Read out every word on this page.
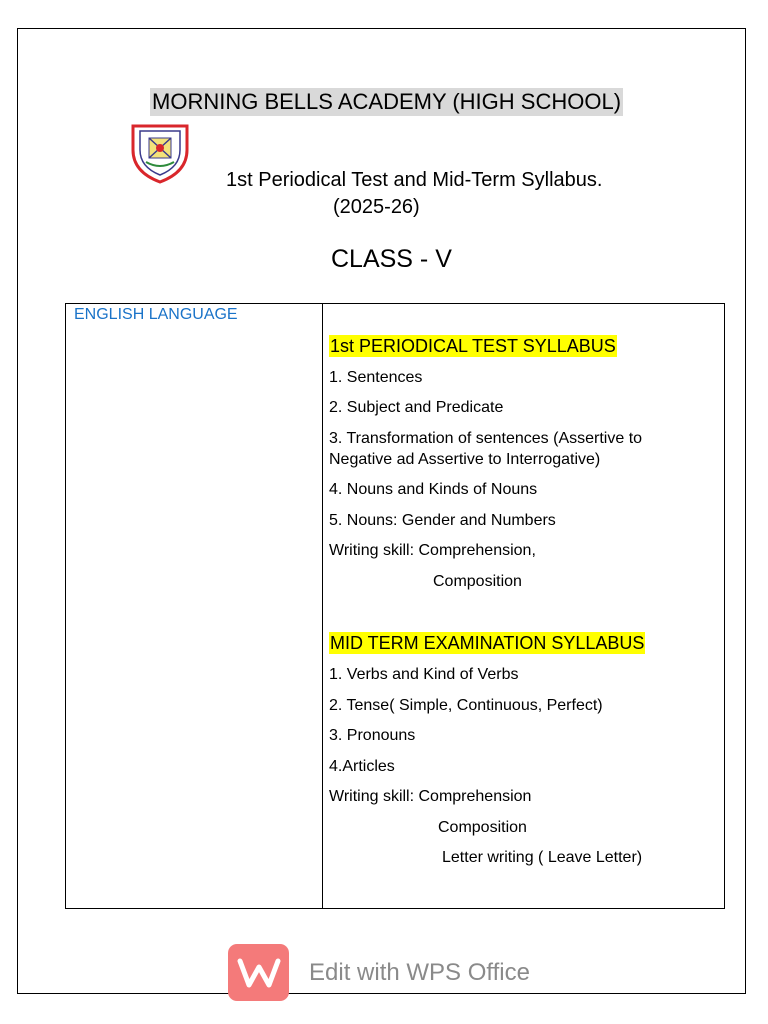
MORNING BELLS ACADEMY (HIGH SCHOOL)
1st Periodical Test and Mid-Term Syllabus.
(2025-26)
CLASS - V
ENGLISH LANGUAGE
1st PERIODICAL TEST SYLLABUS
1. Sentences
2. Subject and Predicate
3. Transformation of sentences (Assertive to
Negative ad Assertive to Interrogative)
4. Nouns and Kinds of Nouns
5. Nouns: Gender and Numbers
Writing skill: Comprehension,
Composition
MID TERM EXAMINATION SYLLABUS
1. Verbs and Kind of Verbs
2. Tense( Simple, Continuous, Perfect)
3. Pronouns
4.Articles
Writing skill: Comprehension
Composition
Letter writing ( Leave Letter)
Edit with WPS Office
